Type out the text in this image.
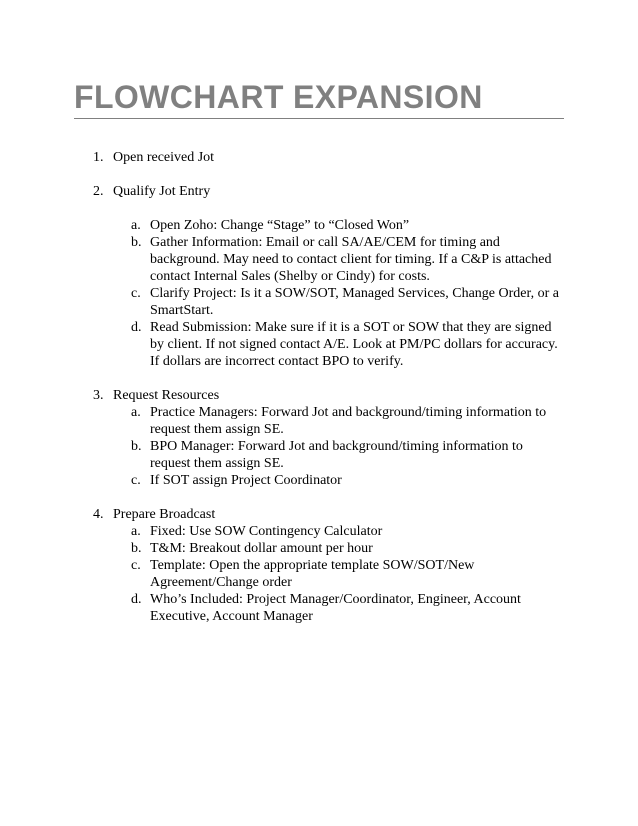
FLOWCHART EXPANSION
1. Open received Jot
2. Qualify Jot Entry
a. Open Zoho: Change “Stage” to “Closed Won”
b. Gather Information: Email or call SA/AE/CEM for timing and background. May need to contact client for timing. If a C&P is attached contact Internal Sales (Shelby or Cindy) for costs.
c. Clarify Project: Is it a SOW/SOT, Managed Services, Change Order, or a SmartStart.
d. Read Submission: Make sure if it is a SOT or SOW that they are signed by client. If not signed contact A/E. Look at PM/PC dollars for accuracy. If dollars are incorrect contact BPO to verify.
3. Request Resources
a. Practice Managers: Forward Jot and background/timing information to request them assign SE.
b. BPO Manager: Forward Jot and background/timing information to request them assign SE.
c. If SOT assign Project Coordinator
4. Prepare Broadcast
a. Fixed: Use SOW Contingency Calculator
b. T&M: Breakout dollar amount per hour
c. Template: Open the appropriate template SOW/SOT/New Agreement/Change order
d. Who’s Included: Project Manager/Coordinator, Engineer, Account Executive, Account Manager
